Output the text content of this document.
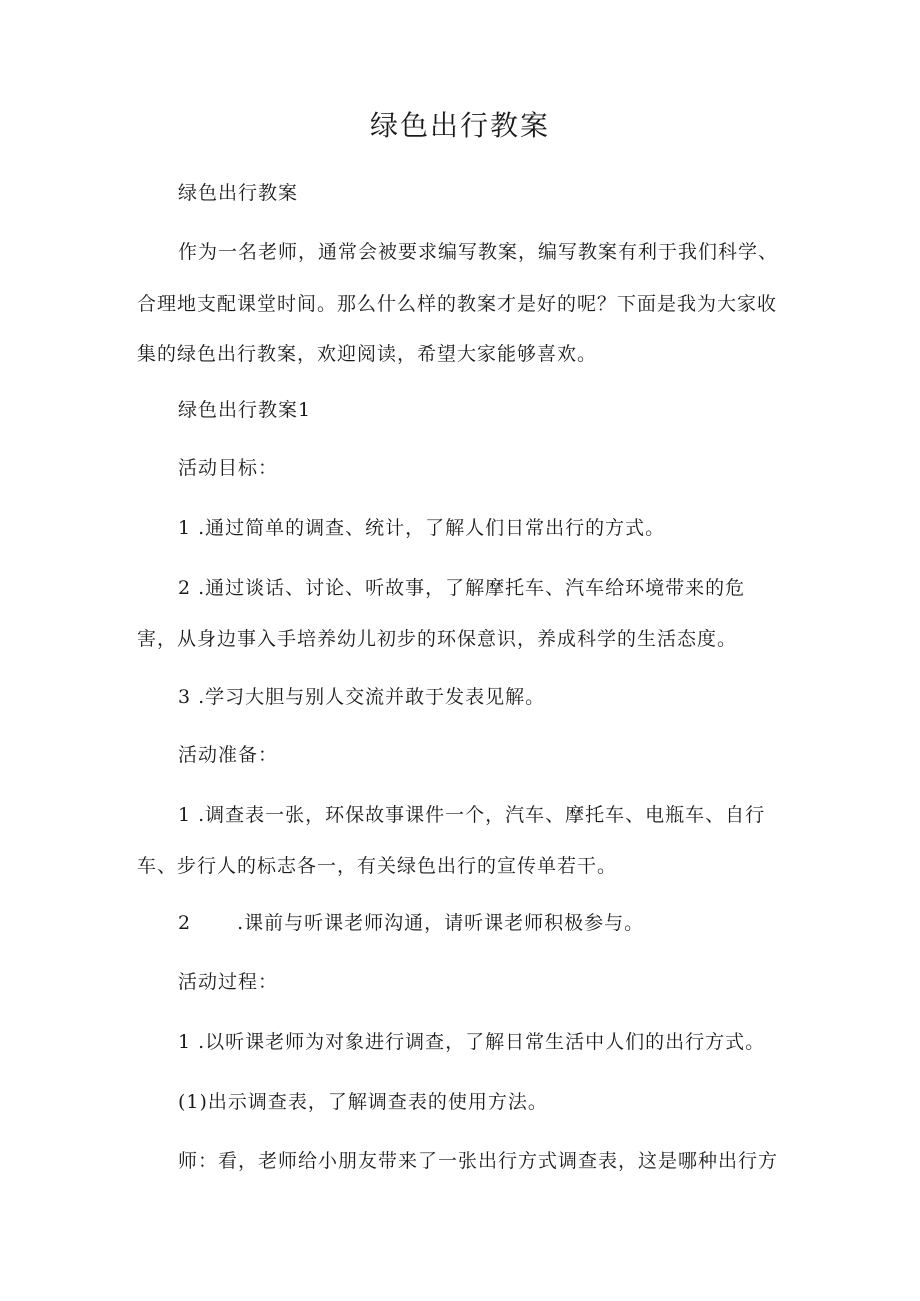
绿色出行教案

绿色出行教案

作为一名老师，通常会被要求编写教案，编写教案有利于我们科学、

合理地支配课堂时间。那么什么样的教案才是好的呢？下面是我为大家收

集的绿色出行教案，欢迎阅读，希望大家能够喜欢。

绿色出行教案1

活动目标：

1 .通过简单的调查、统计，了解人们日常出行的方式。

2 .通过谈话、讨论、听故事，了解摩托车、汽车给环境带来的危

害，从身边事入手培养幼儿初步的环保意识，养成科学的生活态度。

3 .学习大胆与别人交流并敢于发表见解。

活动准备：

1 .调查表一张，环保故事课件一个，汽车、摩托车、电瓶车、自行

车、步行人的标志各一，有关绿色出行的宣传单若干。

2 .课前与听课老师沟通，请听课老师积极参与。

活动过程：

1 .以听课老师为对象进行调查，了解日常生活中人们的出行方式。

(1)出示调查表，了解调查表的使用方法。

师：看，老师给小朋友带来了一张出行方式调查表，这是哪种出行方
